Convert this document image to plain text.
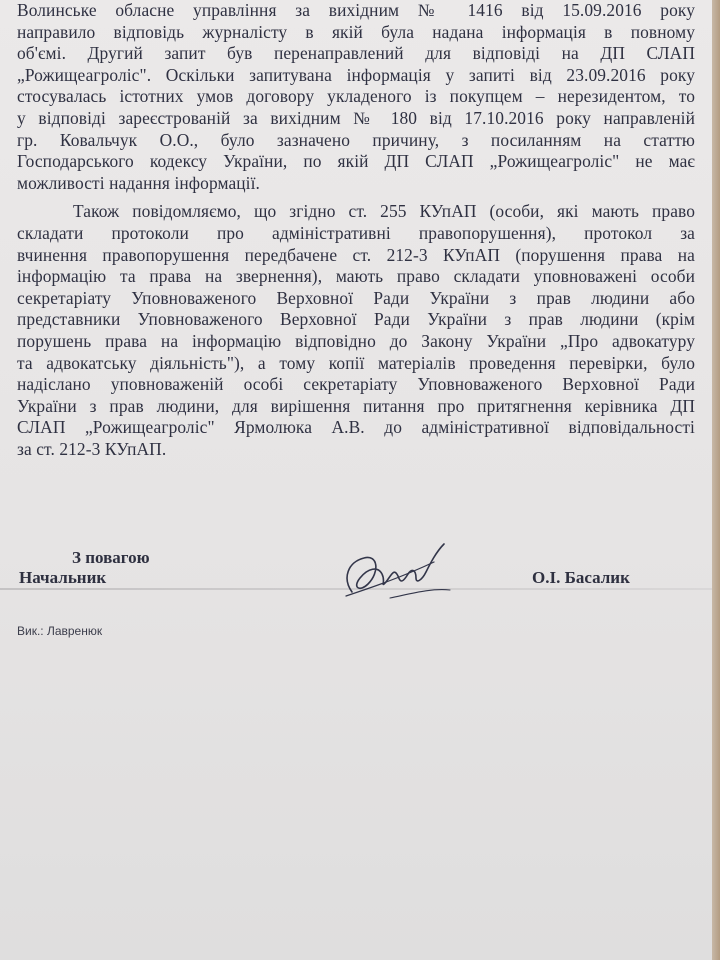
Волинське обласне управління за вихідним № 1416 від 15.09.2016 року
направило відповідь журналісту в якій була надана інформація в повному
об'ємі. Другий запит був перенаправлений для відповіді на ДП СЛАП
„Рожищеагроліс". Оскільки запитувана інформація у запиті від 23.09.2016 року
стосувалась істотних умов договору укладеного із покупцем – нерезидентом, то
у відповіді зареєстрованій за вихідним № 180 від 17.10.2016 року направленій
гр. Ковальчук О.О., було зазначено причину, з посиланням на статтю
Господарського кодексу України, по якій ДП СЛАП „Рожищеагроліс" не має
можливості надання інформації.

Також повідомляємо, що згідно ст. 255 КУпАП (особи, які мають право
складати протоколи про адміністративні правопорушення), протокол за
вчинення правопорушення передбачене ст. 212-3 КУпАП (порушення права на
інформацію та права на звернення), мають право складати уповноважені особи
секретаріату Уповноваженого Верховної Ради України з прав людини або
представники Уповноваженого Верховної Ради України з прав людини (крім
порушень права на інформацію відповідно до Закону України „Про адвокатуру
та адвокатську діяльність"), а тому копії матеріалів проведення перевірки, було
надіслано уповноваженій особі секретаріату Уповноваженого Верховної Ради
України з прав людини, для вирішення питання про притягнення керівника ДП
СЛАП „Рожищеагроліс" Ярмолюка А.В. до адміністративної відповідальності
за ст. 212-3 КУпАП.

З повагою
Начальник	О.І. Басалик
Вик.: Лавренюк
